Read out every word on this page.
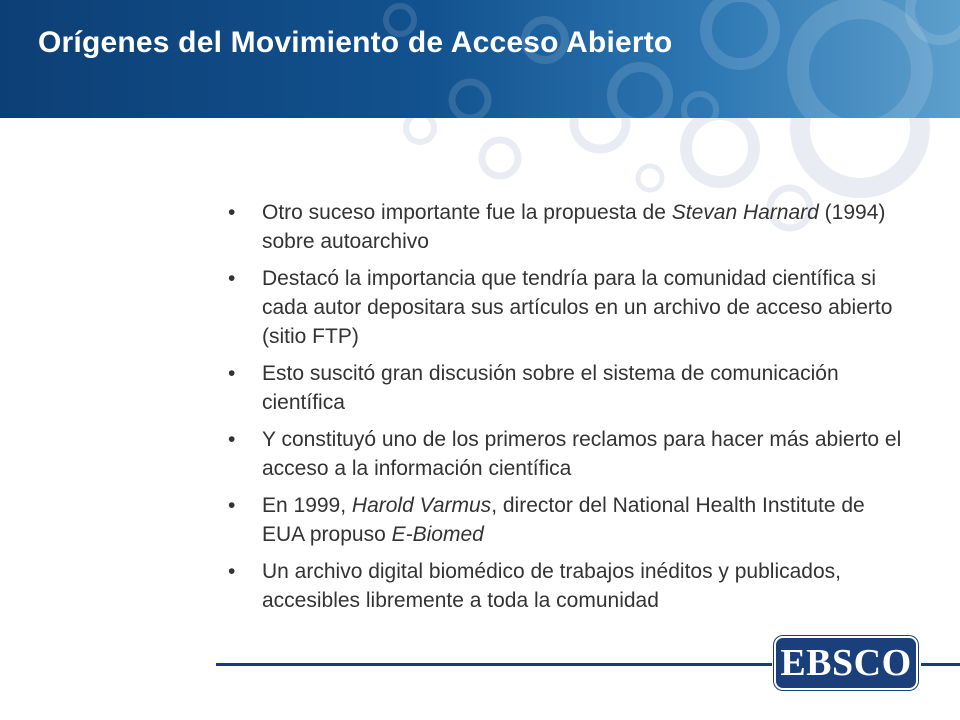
Orígenes del Movimiento de Acceso Abierto
• Otro suceso importante fue la propuesta de Stevan Harnard (1994) sobre autoarchivo
• Destacó la importancia que tendría para la comunidad científica si cada autor depositara sus artículos en un archivo de acceso abierto (sitio FTP)
• Esto suscitó gran discusión sobre el sistema de comunicación científica
• Y constituyó uno de los primeros reclamos para hacer más abierto el acceso a la información científica
• En 1999, Harold Varmus, director del National Health Institute de EUA propuso E-Biomed
• Un archivo digital biomédico de trabajos inéditos y publicados, accesibles libremente a toda la comunidad
EBSCO
